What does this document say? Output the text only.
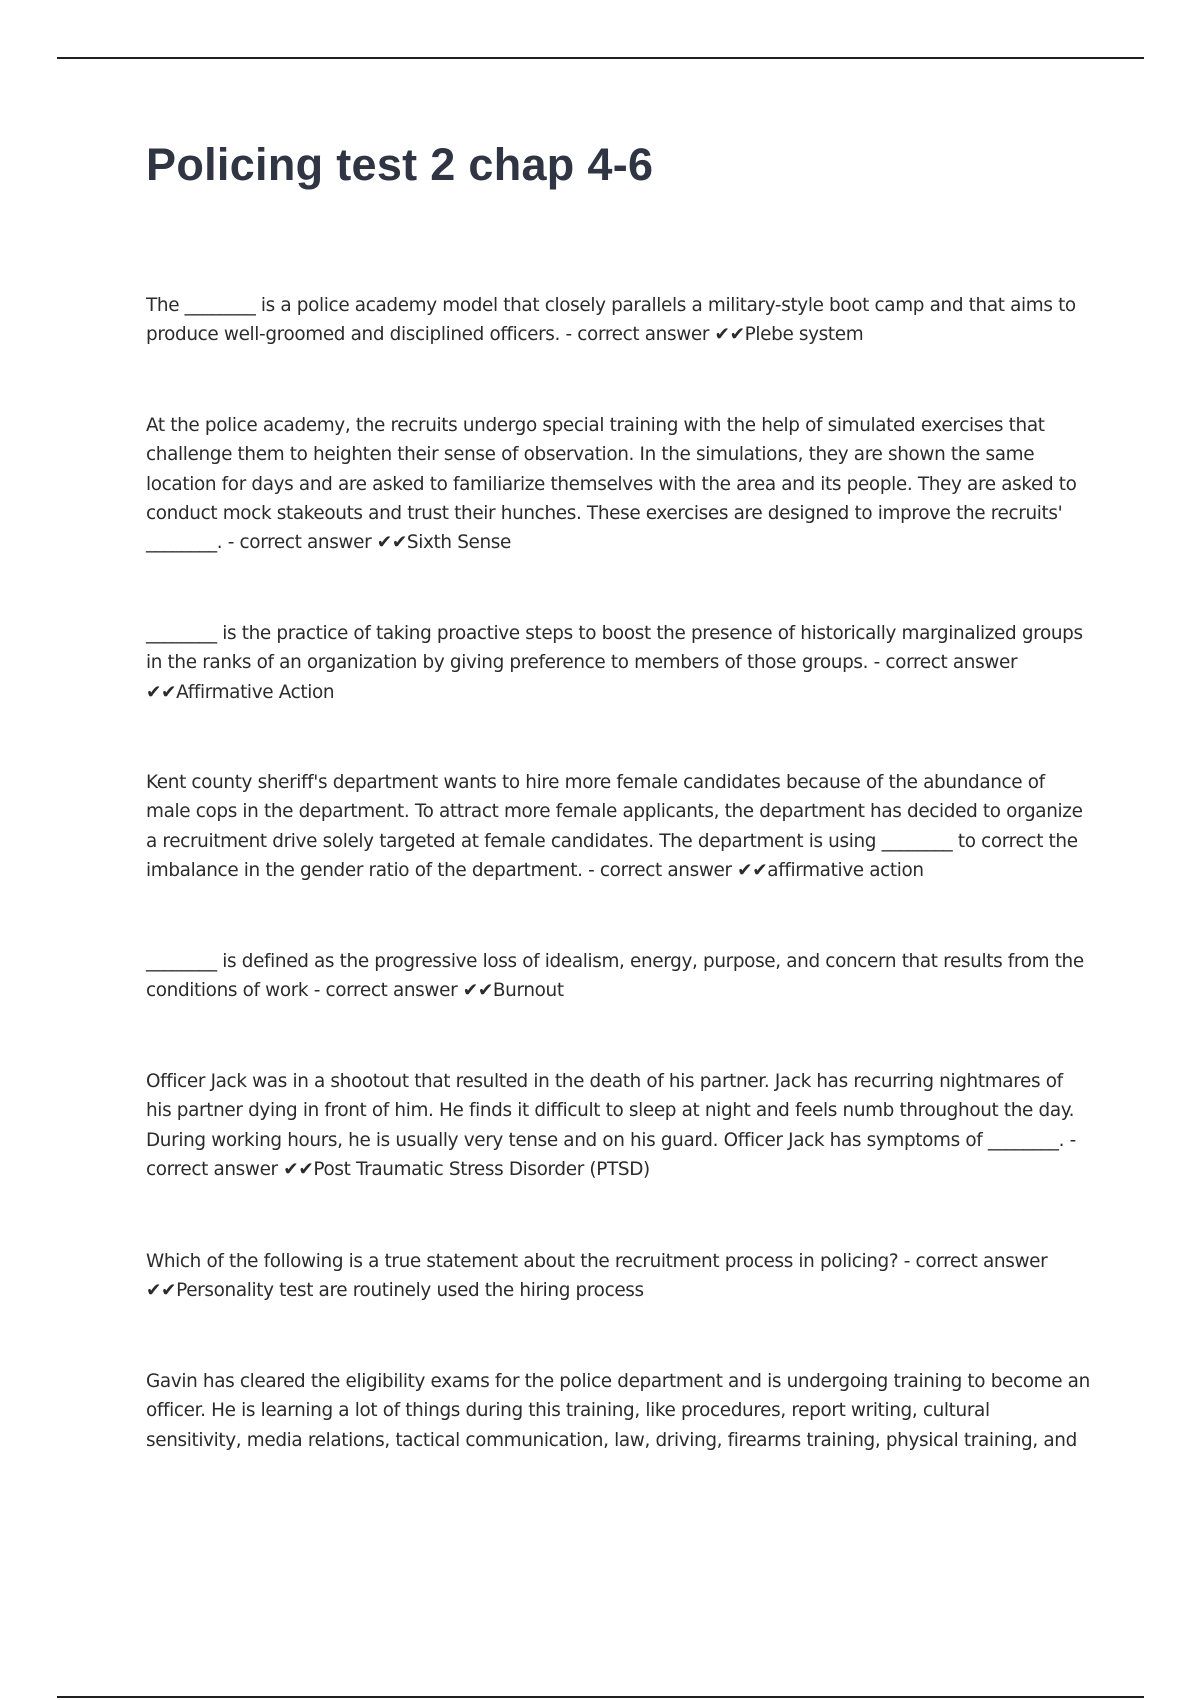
Policing test 2 chap 4-6

The ________ is a police academy model that closely parallels a military-style boot camp and that aims to produce well-groomed and disciplined officers. - correct answer ✔✔Plebe system

At the police academy, the recruits undergo special training with the help of simulated exercises that challenge them to heighten their sense of observation. In the simulations, they are shown the same location for days and are asked to familiarize themselves with the area and its people. They are asked to conduct mock stakeouts and trust their hunches. These exercises are designed to improve the recruits' ________. - correct answer ✔✔Sixth Sense

________ is the practice of taking proactive steps to boost the presence of historically marginalized groups in the ranks of an organization by giving preference to members of those groups. - correct answer ✔✔Affirmative Action

Kent county sheriff's department wants to hire more female candidates because of the abundance of male cops in the department. To attract more female applicants, the department has decided to organize a recruitment drive solely targeted at female candidates. The department is using ________ to correct the imbalance in the gender ratio of the department. - correct answer ✔✔affirmative action

________ is defined as the progressive loss of idealism, energy, purpose, and concern that results from the conditions of work - correct answer ✔✔Burnout

Officer Jack was in a shootout that resulted in the death of his partner. Jack has recurring nightmares of his partner dying in front of him. He finds it difficult to sleep at night and feels numb throughout the day. During working hours, he is usually very tense and on his guard. Officer Jack has symptoms of ________. - correct answer ✔✔Post Traumatic Stress Disorder (PTSD)

Which of the following is a true statement about the recruitment process in policing? - correct answer ✔✔Personality test are routinely used the hiring process

Gavin has cleared the eligibility exams for the police department and is undergoing training to become an officer. He is learning a lot of things during this training, like procedures, report writing, cultural sensitivity, media relations, tactical communication, law, driving, firearms training, physical training, and
